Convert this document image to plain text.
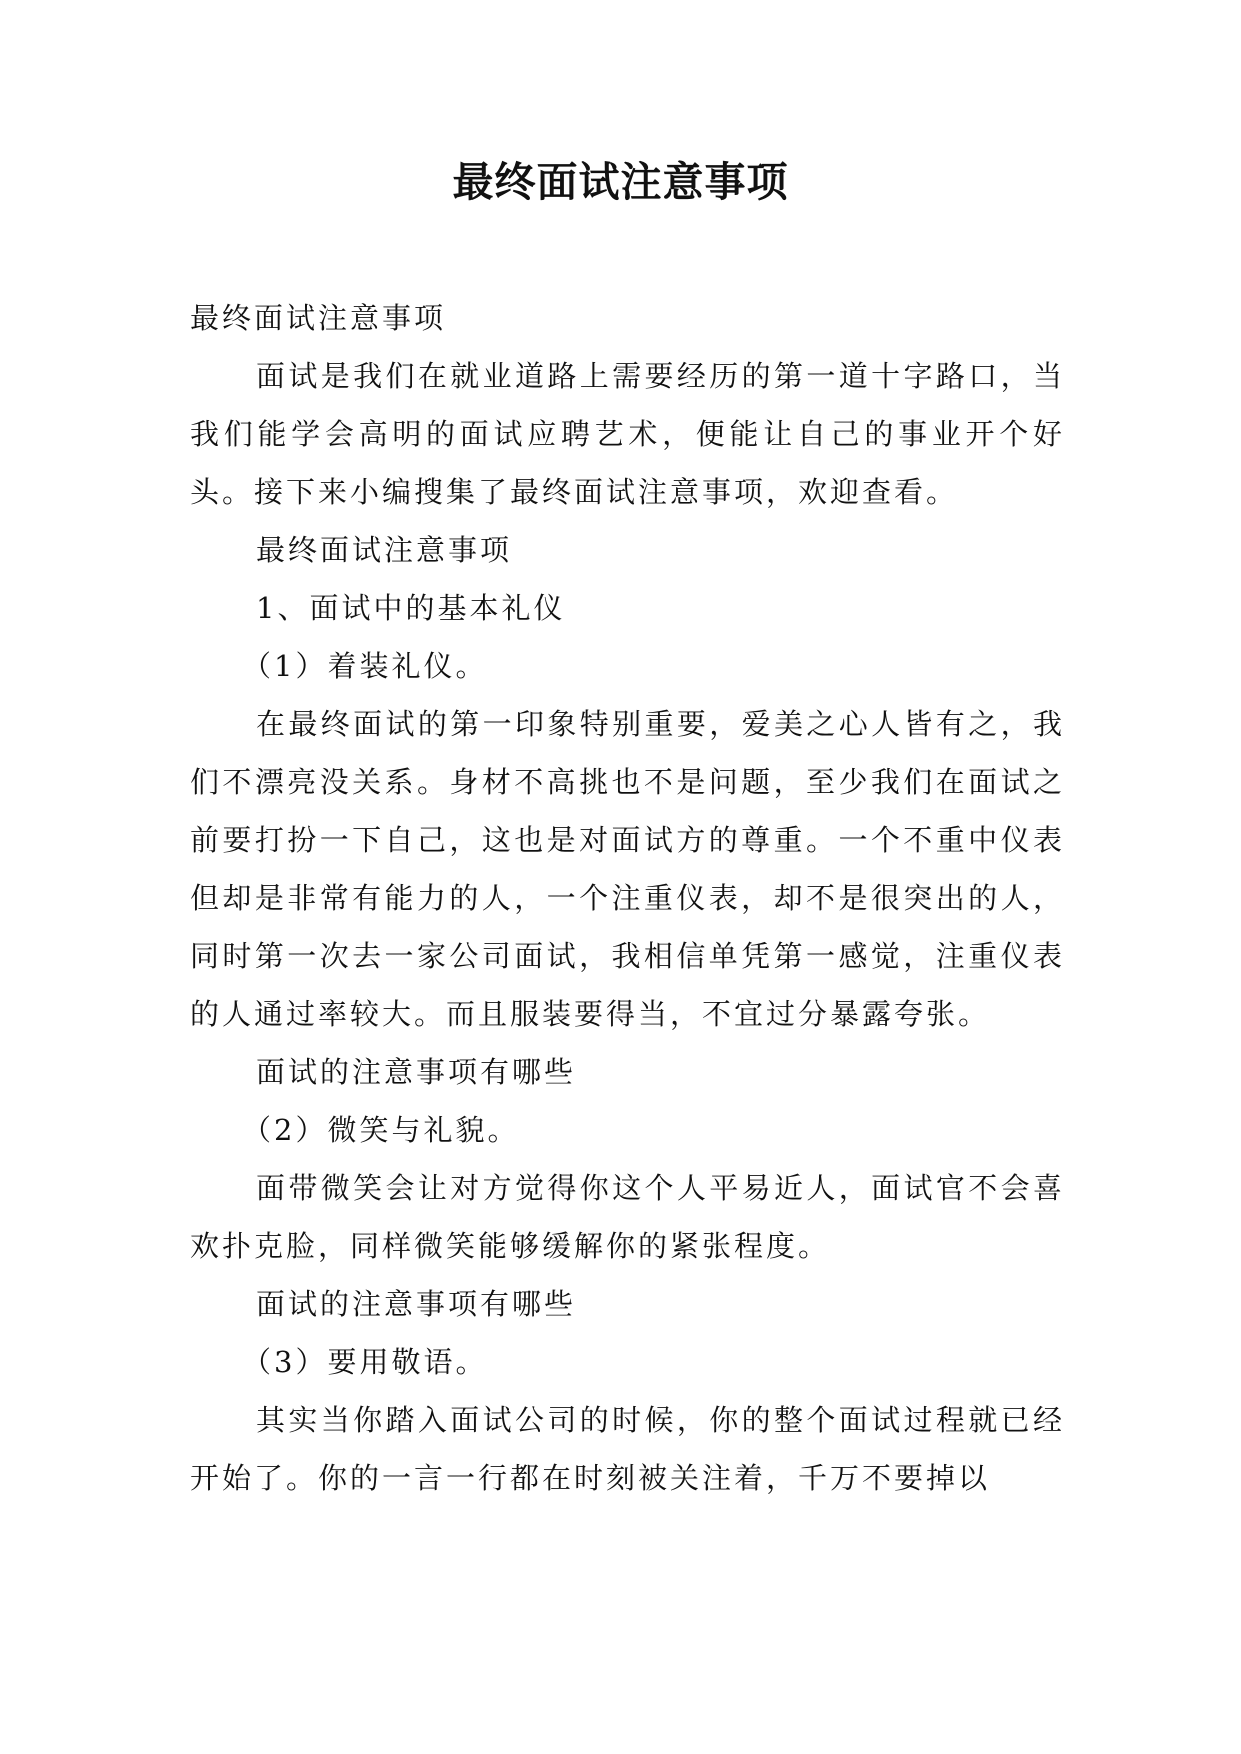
最终面试注意事项

最终面试注意事项

面试是我们在就业道路上需要经历的第一道十字路口，当我们能学会高明的面试应聘艺术，便能让自己的事业开个好头。接下来小编搜集了最终面试注意事项，欢迎查看。

最终面试注意事项

1、面试中的基本礼仪

（1）着装礼仪。

在最终面试的第一印象特别重要，爱美之心人皆有之，我们不漂亮没关系。身材不高挑也不是问题，至少我们在面试之前要打扮一下自己，这也是对面试方的尊重。一个不重中仪表但却是非常有能力的人，一个注重仪表，却不是很突出的人，同时第一次去一家公司面试，我相信单凭第一感觉，注重仪表的人通过率较大。而且服装要得当，不宜过分暴露夸张。

面试的注意事项有哪些

（2）微笑与礼貌。

面带微笑会让对方觉得你这个人平易近人，面试官不会喜欢扑克脸，同样微笑能够缓解你的紧张程度。

面试的注意事项有哪些

（3）要用敬语。

其实当你踏入面试公司的时候，你的整个面试过程就已经开始了。你的一言一行都在时刻被关注着，千万不要掉以
